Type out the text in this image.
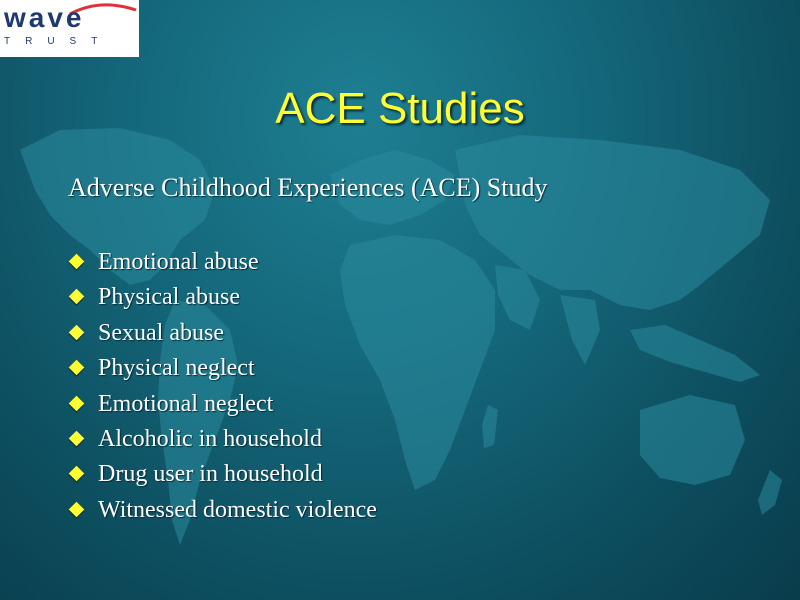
wave
TRUST
ACE Studies
Adverse Childhood Experiences (ACE) Study
Emotional abuse
Physical abuse
Sexual abuse
Physical neglect
Emotional neglect
Alcoholic in household
Drug user in household
Witnessed domestic violence
